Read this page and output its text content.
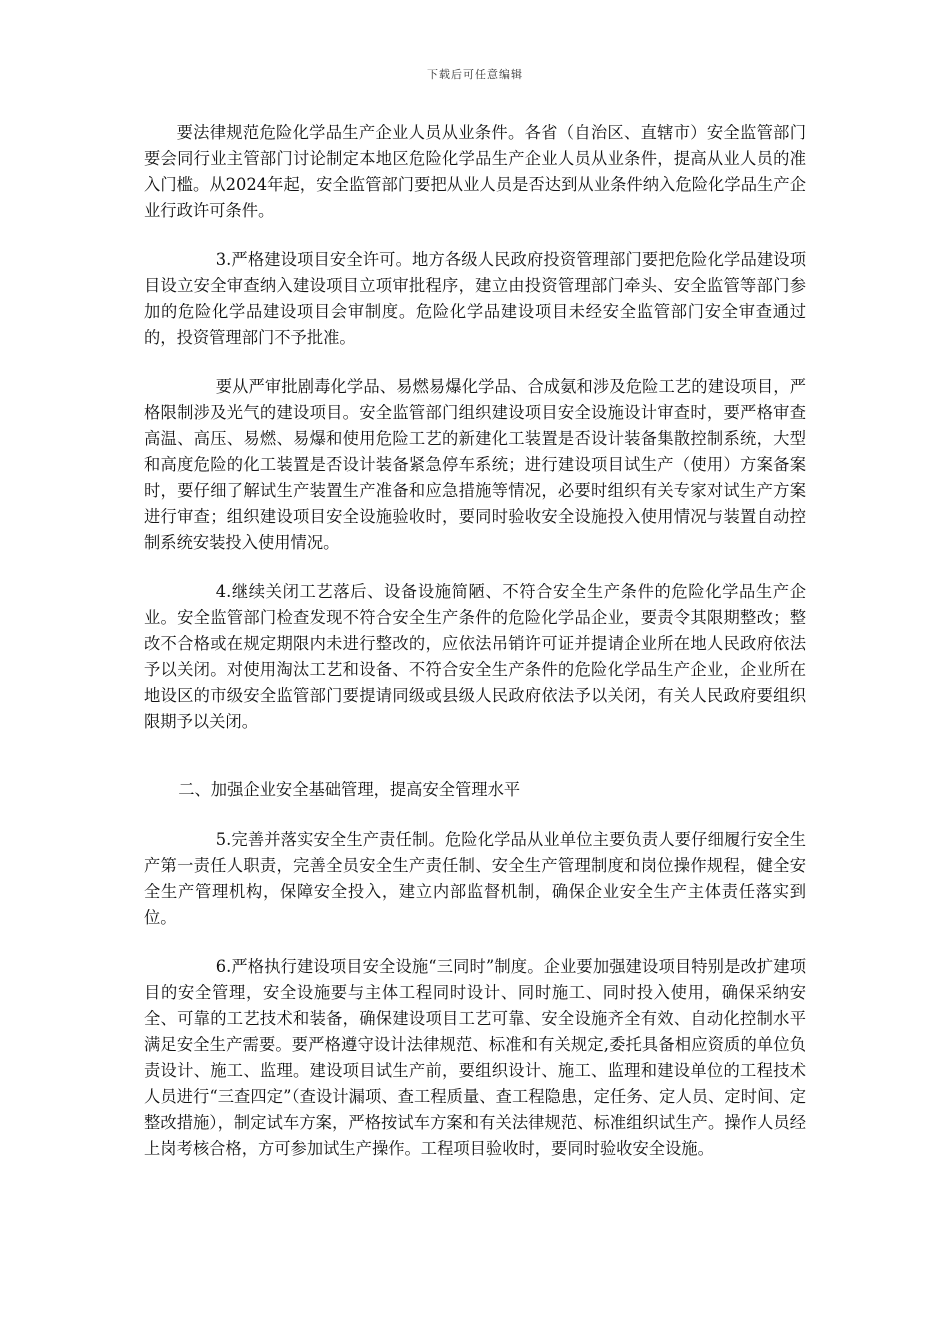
下载后可任意编辑

要法律规范危险化学品生产企业人员从业条件。各省（自治区、直辖市）安全监管部门要会同行业主管部门讨论制定本地区危险化学品生产企业人员从业条件，提高从业人员的准入门槛。从2024年起，安全监管部门要把从业人员是否达到从业条件纳入危险化学品生产企业行政许可条件。

3.严格建设项目安全许可。地方各级人民政府投资管理部门要把危险化学品建设项目设立安全审查纳入建设项目立项审批程序，建立由投资管理部门牵头、安全监管等部门参加的危险化学品建设项目会审制度。危险化学品建设项目未经安全监管部门安全审查通过的，投资管理部门不予批准。

要从严审批剧毒化学品、易燃易爆化学品、合成氨和涉及危险工艺的建设项目，严格限制涉及光气的建设项目。安全监管部门组织建设项目安全设施设计审查时，要严格审查高温、高压、易燃、易爆和使用危险工艺的新建化工装置是否设计装备集散控制系统，大型和高度危险的化工装置是否设计装备紧急停车系统；进行建设项目试生产（使用）方案备案时，要仔细了解试生产装置生产准备和应急措施等情况，必要时组织有关专家对试生产方案进行审查；组织建设项目安全设施验收时，要同时验收安全设施投入使用情况与装置自动控制系统安装投入使用情况。

4.继续关闭工艺落后、设备设施简陋、不符合安全生产条件的危险化学品生产企业。安全监管部门检查发现不符合安全生产条件的危险化学品企业，要责令其限期整改；整改不合格或在规定期限内未进行整改的，应依法吊销许可证并提请企业所在地人民政府依法予以关闭。对使用淘汰工艺和设备、不符合安全生产条件的危险化学品生产企业，企业所在地设区的市级安全监管部门要提请同级或县级人民政府依法予以关闭，有关人民政府要组织限期予以关闭。

二、加强企业安全基础管理，提高安全管理水平

5.完善并落实安全生产责任制。危险化学品从业单位主要负责人要仔细履行安全生产第一责任人职责，完善全员安全生产责任制、安全生产管理制度和岗位操作规程，健全安全生产管理机构，保障安全投入，建立内部监督机制，确保企业安全生产主体责任落实到位。

6.严格执行建设项目安全设施“三同时”制度。企业要加强建设项目特别是改扩建项目的安全管理，安全设施要与主体工程同时设计、同时施工、同时投入使用，确保采纳安全、可靠的工艺技术和装备，确保建设项目工艺可靠、安全设施齐全有效、自动化控制水平满足安全生产需要。要严格遵守设计法律规范、标准和有关规定,委托具备相应资质的单位负责设计、施工、监理。建设项目试生产前，要组织设计、施工、监理和建设单位的工程技术人员进行“三查四定”（查设计漏项、查工程质量、查工程隐患，定任务、定人员、定时间、定整改措施），制定试车方案，严格按试车方案和有关法律规范、标准组织试生产。操作人员经上岗考核合格，方可参加试生产操作。工程项目验收时，要同时验收安全设施。
